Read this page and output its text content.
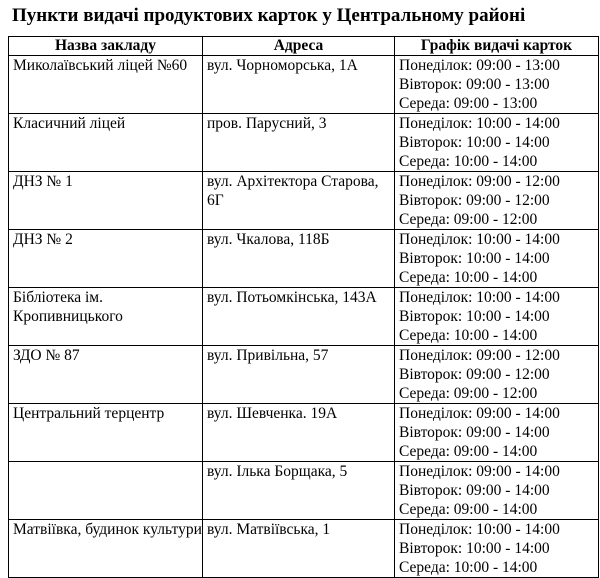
Пункти видачі продуктових карток у Центральному районі
Назва закладу	Адреса	Графік видачі карток

Миколаївський ліцей №60	вул. Чорноморська, 1А	Понеділок: 09:00 - 13:00
Вівторок: 09:00 - 13:00
Середа: 09:00 - 13:00

Класичний ліцей	пров. Парусний, 3	Понеділок: 10:00 - 14:00
Вівторок: 10:00 - 14:00
Середа: 10:00 - 14:00

ДНЗ № 1	вул. Архітектора Старова, 6Г	Понеділок: 09:00 - 12:00
Вівторок: 09:00 - 12:00
Середа: 09:00 - 12:00

ДНЗ № 2	вул. Чкалова, 118Б	Понеділок: 10:00 - 14:00
Вівторок: 10:00 - 14:00
Середа: 10:00 - 14:00

Бібліотека ім. Кропивницького	вул. Потьомкінська, 143А	Понеділок: 10:00 - 14:00
Вівторок: 10:00 - 14:00
Середа: 10:00 - 14:00

ЗДО № 87	вул. Привільна, 57	Понеділок: 09:00 - 12:00
Вівторок: 09:00 - 12:00
Середа: 09:00 - 12:00

Центральний терцентр	вул. Шевченка. 19А	Понеділок: 09:00 - 14:00
Вівторок: 09:00 - 14:00
Середа: 09:00 - 14:00

	вул. Ілька Борщака, 5	Понеділок: 09:00 - 14:00
Вівторок: 09:00 - 14:00
Середа: 09:00 - 14:00

Матвіївка, будинок культури	вул. Матвіївська, 1	Понеділок: 10:00 - 14:00
Вівторок: 10:00 - 14:00
Середа: 10:00 - 14:00
